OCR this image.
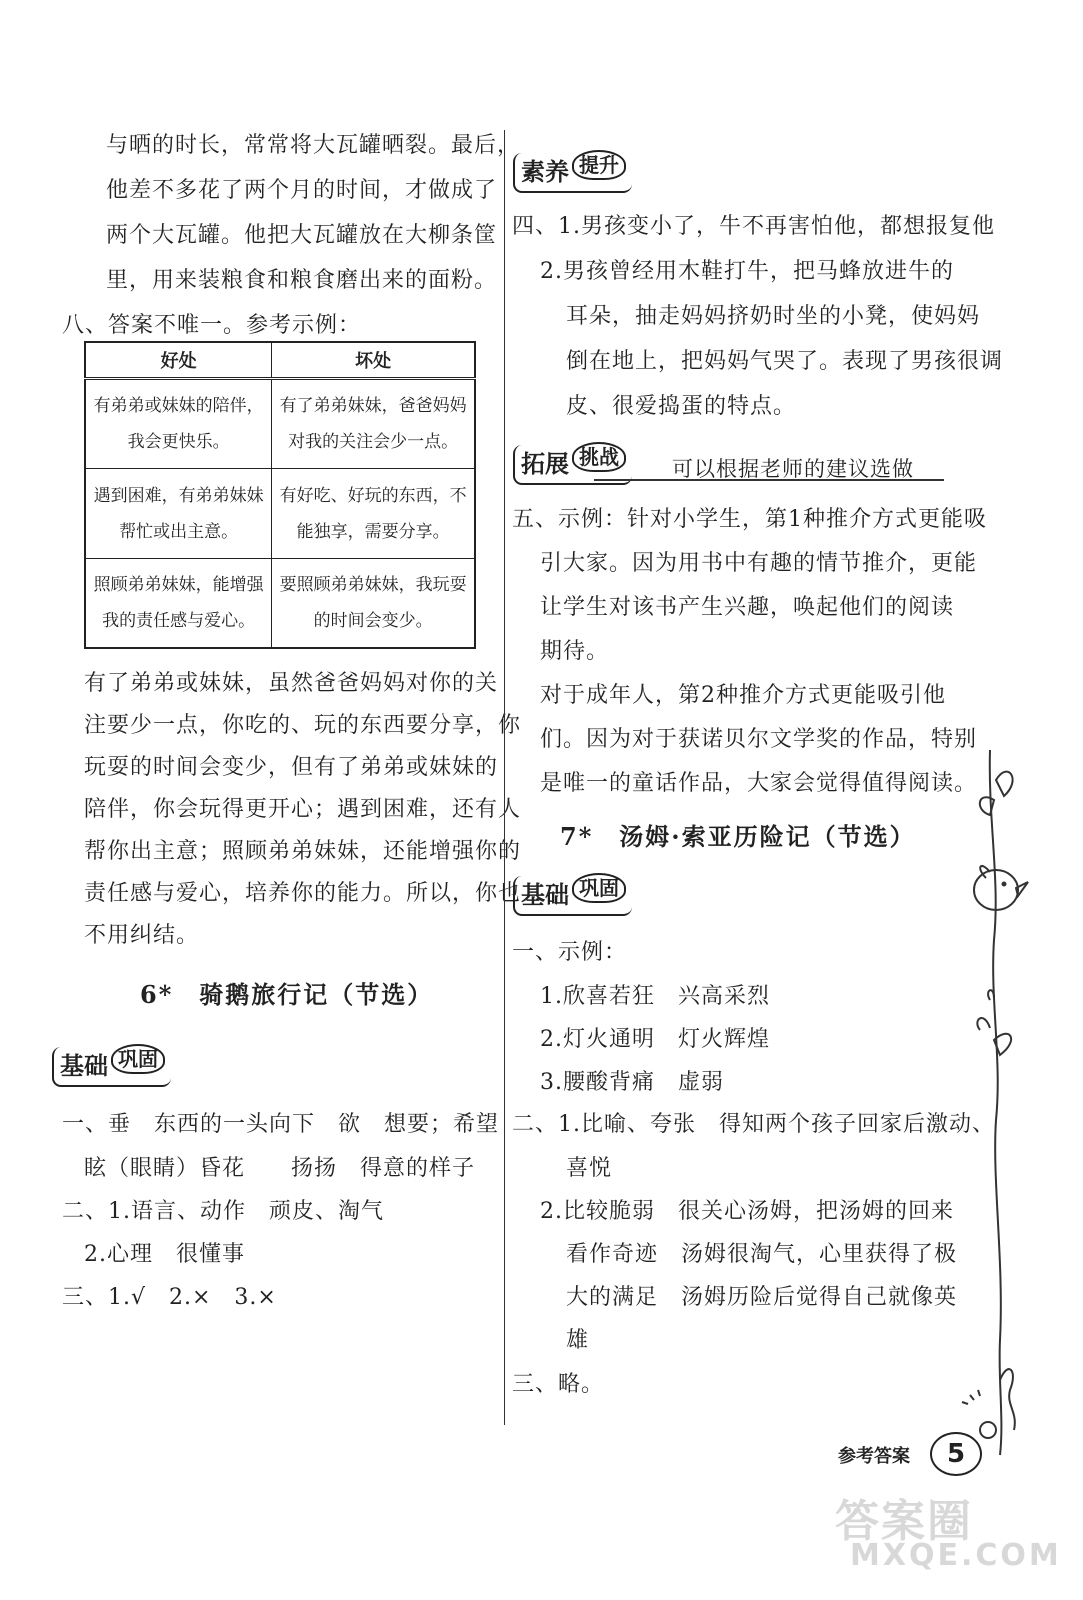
与晒的时长，常常将大瓦罐晒裂。最后，
他差不多花了两个月的时间，才做成了
两个大瓦罐。他把大瓦罐放在大柳条筐
里，用来装粮食和粮食磨出来的面粉。
八、答案不唯一。参考示例：
好处	坏处
有弟弟或妹妹的陪伴，我会更快乐。	有了弟弟妹妹，爸爸妈妈对我的关注会少一点。
遇到困难，有弟弟妹妹帮忙或出主意。	有好吃、好玩的东西，不能独享，需要分享。
照顾弟弟妹妹，能增强我的责任感与爱心。	要照顾弟弟妹妹，我玩耍的时间会变少。
有了弟弟或妹妹，虽然爸爸妈妈对你的关
注要少一点，你吃的、玩的东西要分享，你
玩耍的时间会变少，但有了弟弟或妹妹的
陪伴，你会玩得更开心；遇到困难，还有人
帮你出主意；照顾弟弟妹妹，还能增强你的
责任感与爱心，培养你的能力。所以，你也
不用纠结。
6*　骑鹅旅行记（节选）
基础 巩固
一、垂　东西的一头向下　欲　想要；希望
眩（眼睛）昏花　　扬扬　得意的样子
二、1.语言、动作　顽皮、淘气
2.心理　很懂事
三、1.√　2.×　3.×
素养 提升
四、1.男孩变小了，牛不再害怕他，都想报复他
2.男孩曾经用木鞋打牛，把马蜂放进牛的
耳朵，抽走妈妈挤奶时坐的小凳，使妈妈
倒在地上，把妈妈气哭了。表现了男孩很调
皮、很爱捣蛋的特点。
拓展 挑战	可以根据老师的建议选做
五、示例：针对小学生，第1种推介方式更能吸
引大家。因为用书中有趣的情节推介，更能
让学生对该书产生兴趣，唤起他们的阅读
期待。
对于成年人，第2种推介方式更能吸引他
们。因为对于获诺贝尔文学奖的作品，特别
是唯一的童话作品，大家会觉得值得阅读。
7*　汤姆·索亚历险记（节选）
基础 巩固
一、示例：
1.欣喜若狂　兴高采烈
2.灯火通明　灯火辉煌
3.腰酸背痛　虚弱
二、1.比喻、夸张　得知两个孩子回家后激动、
喜悦
2.比较脆弱　很关心汤姆，把汤姆的回来
看作奇迹　汤姆很淘气，心里获得了极
大的满足　汤姆历险后觉得自己就像英
雄
三、略。
参考答案	5
答案圈
MXQE.COM
